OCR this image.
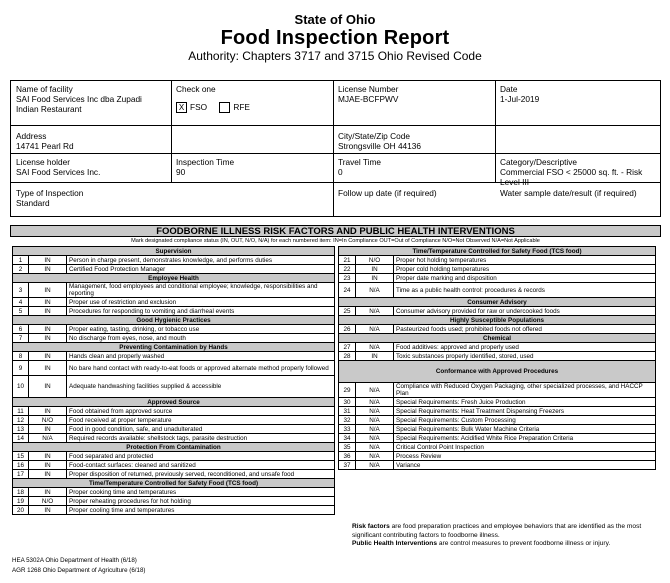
State of Ohio
Food Inspection Report
Authority: Chapters 3717 and 3715 Ohio Revised Code
Name of facility
SAI Food Services Inc dba Zupadi Indian Restaurant
Check one
X FSO	RFE
License Number
MJAE-BCFPWV
Date
1-Jul-2019
Address
14741 Pearl Rd
City/State/Zip Code
Strongsville OH 44136
License holder
SAI Food Services Inc.
Inspection Time
90
Travel Time
0
Category/Descriptive
Commercial FSO < 25000 sq. ft. - Risk Level III
Type of Inspection
Standard
Follow up date (if required)	Water sample date/result (if required)
FOODBORNE ILLNESS RISK FACTORS AND PUBLIC HEALTH INTERVENTIONS
Mark designated compliance status (IN, OUT, N/O, N/A) for each numbered item: IN=In Compliance OUT=Out of Compliance N/O=Not Observed N/A=Not Applicable
Supervision		
1	IN	Person in charge present, demonstrates knowledge, and performs duties
2	IN	Certified Food Protection Manager
Employee Health		
3	IN	Management, food employees and conditional employee; knowledge, responsibilities and reporting
4	IN	Proper use of restriction and exclusion
5	IN	Procedures for responding to vomiting and diarrheal events
Good Hygienic Practices		
6	IN	Proper eating, tasting, drinking, or tobacco use
7	IN	No discharge from eyes, nose, and mouth
Preventing Contamination by Hands		
8	IN	Hands clean and properly washed
9	IN	No bare hand contact with ready-to-eat foods or approved alternate method properly followed
10	IN	Adequate handwashing facilities supplied & accessible
Approved Source		
11	IN	Food obtained from approved source
12	N/O	Food received at proper temperature
13	IN	Food in good condition, safe, and unadulterated
14	N/A	Required records available: shellstock tags, parasite destruction
Protection From Contamination		
15	IN	Food separated and protected
16	IN	Food-contact surfaces: cleaned and sanitized
17	IN	Proper disposition of returned, previously served, reconditioned, and unsafe food
Time/Temperature Controlled for Safety Food (TCS food)		
18	IN	Proper cooking time and temperatures
19	N/O	Proper reheating procedures for hot holding
20	IN	Proper cooling time and temperatures
Time/Temperature Controlled for Safety Food (TCS food)		
21	N/O	Proper hot holding temperatures
22	IN	Proper cold holding temperatures
23	IN	Proper date marking and disposition
24	N/A	Time as a public health control: procedures & records
Consumer Advisory		
25	N/A	Consumer advisory provided for raw or undercooked foods
Highly Susceptible Populations		
26	N/A	Pasteurized foods used; prohibited foods not offered
Chemical		
27	N/A	Food additives: approved and properly used
28	IN	Toxic substances properly identified, stored, used
Conformance with Approved Procedures		
29	N/A	Compliance with Reduced Oxygen Packaging, other specialized processes, and HACCP Plan
30	N/A	Special Requirements: Fresh Juice Production
31	N/A	Special Requirements: Heat Treatment Dispensing Freezers
32	N/A	Special Requirements: Custom Processing
33	N/A	Special Requirements: Bulk Water Machine Criteria
34	N/A	Special Requirements: Acidified White Rice Preparation Criteria
35	N/A	Critical Control Point Inspection
36	N/A	Process Review
37	N/A	Variance
Risk factors are food preparation practices and employee behaviors that are identified as the most significant contributing factors to foodborne illness.
Public Health Interventions are control measures to prevent foodborne illness or injury.
HEA 5302A Ohio Department of Health (6/18)
AGR 1268 Ohio Department of Agriculture (6/18)
